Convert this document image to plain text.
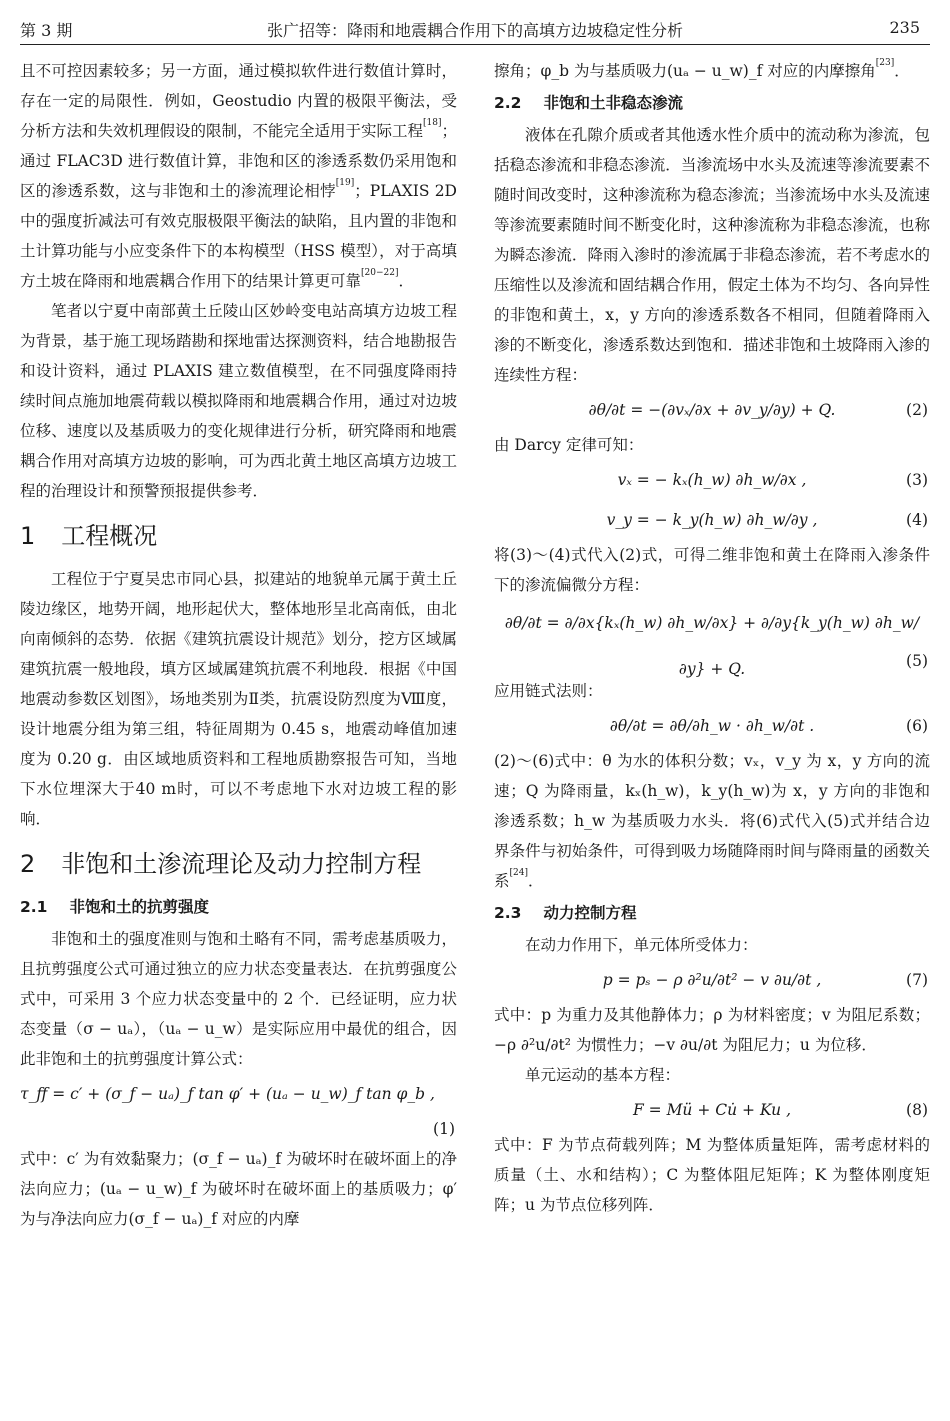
第 3 期	张广招等：降雨和地震耦合作用下的高填方边坡稳定性分析	235

且不可控因素较多；另一方面，通过模拟软件进行数值计算时，存在一定的局限性．例如，Geostudio 内置的极限平衡法，受分析方法和失效机理假设的限制，不能完全适用于实际工程[18]；通过 FLAC3D 进行数值计算，非饱和区的渗透系数仍采用饱和区的渗透系数，这与非饱和土的渗流理论相悖[19]；PLAXIS 2D 中的强度折减法可有效克服极限平衡法的缺陷，且内置的非饱和土计算功能与小应变条件下的本构模型（HSS 模型），对于高填方土坡在降雨和地震耦合作用下的结果计算更可靠[20−22]．

笔者以宁夏中南部黄土丘陵山区妙岭变电站高填方边坡工程为背景，基于施工现场踏勘和探地雷达探测资料，结合地勘报告和设计资料，通过 PLAXIS 建立数值模型，在不同强度降雨持续时间点施加地震荷载以模拟降雨和地震耦合作用，通过对边坡位移、速度以及基质吸力的变化规律进行分析，研究降雨和地震耦合作用对高填方边坡的影响，可为西北黄土地区高填方边坡工程的治理设计和预警预报提供参考．

1 工程概况

工程位于宁夏吴忠市同心县，拟建站的地貌单元属于黄土丘陵边缘区，地势开阔，地形起伏大，整体地形呈北高南低，由北向南倾斜的态势．依据《建筑抗震设计规范》划分，挖方区域属建筑抗震一般地段，填方区域属建筑抗震不利地段．根据《中国地震动参数区划图》，场地类别为Ⅱ类，抗震设防烈度为Ⅷ度，设计地震分组为第三组，特征周期为 0.45 s，地震动峰值加速度为 0.20 g．由区域地质资料和工程地质勘察报告可知，当地下水位埋深大于40 m时，可以不考虑地下水对边坡工程的影响．

2 非饱和土渗流理论及动力控制方程
2.1 非饱和土的抗剪强度

非饱和土的强度准则与饱和土略有不同，需考虑基质吸力，且抗剪强度公式可通过独立的应力状态变量表达．在抗剪强度公式中，可采用 3 个应力状态变量中的 2 个．已经证明，应力状态变量（σ − uₐ），（uₐ − u_w）是实际应用中最优的组合，因此非饱和土的抗剪强度计算公式：

τ_ff = c′ + (σ_f − uₐ)_f tan φ′ + (uₐ − u_w)_f tan φ_b ,
(1)

式中：c′ 为有效黏聚力；(σ_f − uₐ)_f 为破坏时在破坏面上的净法向应力；(uₐ − u_w)_f 为破坏时在破坏面上的基质吸力；φ′ 为与净法向应力(σ_f − uₐ)_f 对应的内摩

擦角；φ_b 为与基质吸力(uₐ − u_w)_f 对应的内摩擦角[23]．

2.2 非饱和土非稳态渗流

液体在孔隙介质或者其他透水性介质中的流动称为渗流，包括稳态渗流和非稳态渗流．当渗流场中水头及流速等渗流要素不随时间改变时，这种渗流称为稳态渗流；当渗流场中水头及流速等渗流要素随时间不断变化时，这种渗流称为非稳态渗流，也称为瞬态渗流．降雨入渗时的渗流属于非稳态渗流，若不考虑水的压缩性以及渗流和固结耦合作用，假定土体为不均匀、各向异性的非饱和黄土，x，y 方向的渗透系数各不相同，但随着降雨入渗的不断变化，渗透系数达到饱和．描述非饱和土坡降雨入渗的连续性方程：

∂θ/∂t = −(∂vₓ/∂x + ∂v_y/∂y) + Q.	(2)

由 Darcy 定律可知：

vₓ = − kₓ(h_w) ∂h_w/∂x ,	(3)
v_y = − k_y(h_w) ∂h_w/∂y ,	(4)

将(3)～(4)式代入(2)式，可得二维非饱和黄土在降雨入渗条件下的渗流偏微分方程：

∂θ/∂t = ∂/∂x{kₓ(h_w) ∂h_w/∂x} + ∂/∂y{k_y(h_w) ∂h_w/∂y} + Q.	(5)

应用链式法则：

∂θ/∂t = ∂θ/∂h_w · ∂h_w/∂t .	(6)

(2)～(6)式中：θ 为水的体积分数；vₓ，v_y 为 x，y 方向的流速；Q 为降雨量，kₓ(h_w)，k_y(h_w)为 x，y 方向的非饱和渗透系数；h_w 为基质吸力水头．将(6)式代入(5)式并结合边界条件与初始条件，可得到吸力场随降雨时间与降雨量的函数关系[24]．

2.3 动力控制方程

在动力作用下，单元体所受体力：

p = pₛ − ρ ∂²u/∂t² − v ∂u/∂t ,	(7)

式中：p 为重力及其他静体力；ρ 为材料密度；v 为阻尼系数；−ρ ∂²u/∂t² 为惯性力；−v ∂u/∂t 为阻尼力；u 为位移．

单元运动的基本方程：

F = Mü + Cu̇ + Ku ,	(8)

式中：F 为节点荷载列阵；M 为整体质量矩阵，需考虑材料的质量（土、水和结构）；C 为整体阻尼矩阵；K 为整体刚度矩阵；u 为节点位移列阵．
